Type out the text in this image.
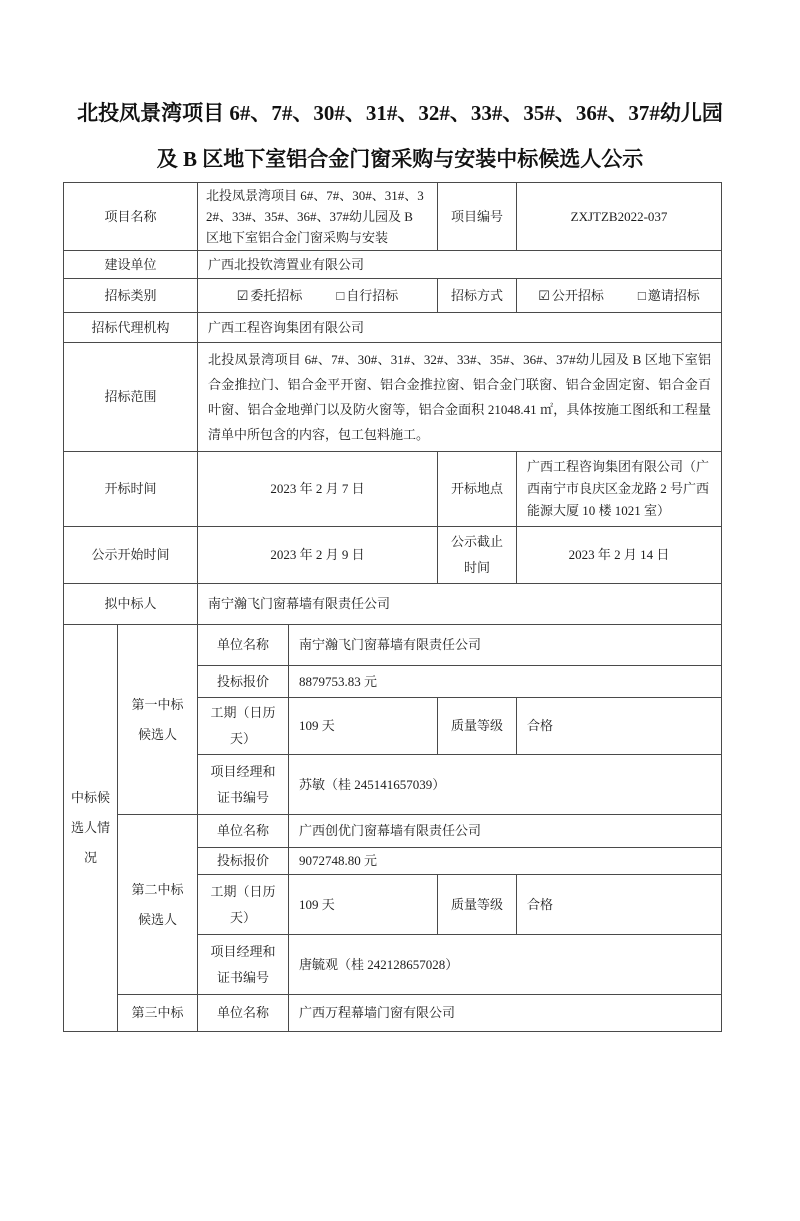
北投凤景湾项目 6#、7#、30#、31#、32#、33#、35#、36#、37#幼儿园及 B 区地下室铝合金门窗采购与安装中标候选人公示
项目名称		北投凤景湾项目 6#、7#、30#、31#、32#、33#、35#、36#、37#幼儿园及 B 区地下室铝合金门窗采购与安装		项目编号	ZXJTZB2022-037
建设单位		广西北投钦湾置业有限公司			
招标类别		☑ 委托招标 □ 自行招标		招标方式	☑ 公开招标 □ 邀请招标
招标代理机构		广西工程咨询集团有限公司			
招标范围		北投凤景湾项目 6#、7#、30#、31#、32#、33#、35#、36#、37#幼儿园及 B 区地下室铝合金推拉门、铝合金平开窗、铝合金推拉窗、铝合金门联窗、铝合金固定窗、铝合金百叶窗、铝合金地弹门以及防火窗等，铝合金面积 21048.41 ㎡，具体按施工图纸和工程量清单中所包含的内容，包工包料施工。			
开标时间		2023 年 2 月 7 日		开标地点	广西工程咨询集团有限公司（广西南宁市良庆区金龙路 2 号广西能源大厦 10 楼 1021 室）
公示开始时间		2023 年 2 月 9 日		公示截止时间	2023 年 2 月 14 日
拟中标人		南宁瀚飞门窗幕墙有限责任公司			
中标候选人情况	第一中标候选人	单位名称	南宁瀚飞门窗幕墙有限责任公司		
		投标报价	8879753.83 元		
		工期（日历天）	109 天	质量等级	合格
		项目经理和证书编号	苏敏（桂 245141657039）		
	第二中标候选人	单位名称	广西创优门窗幕墙有限责任公司		
		投标报价	9072748.80 元		
		工期（日历天）	109 天	质量等级	合格
		项目经理和证书编号	唐毓观（桂 242128657028）		
	第三中标	单位名称	广西万程幕墙门窗有限公司		
